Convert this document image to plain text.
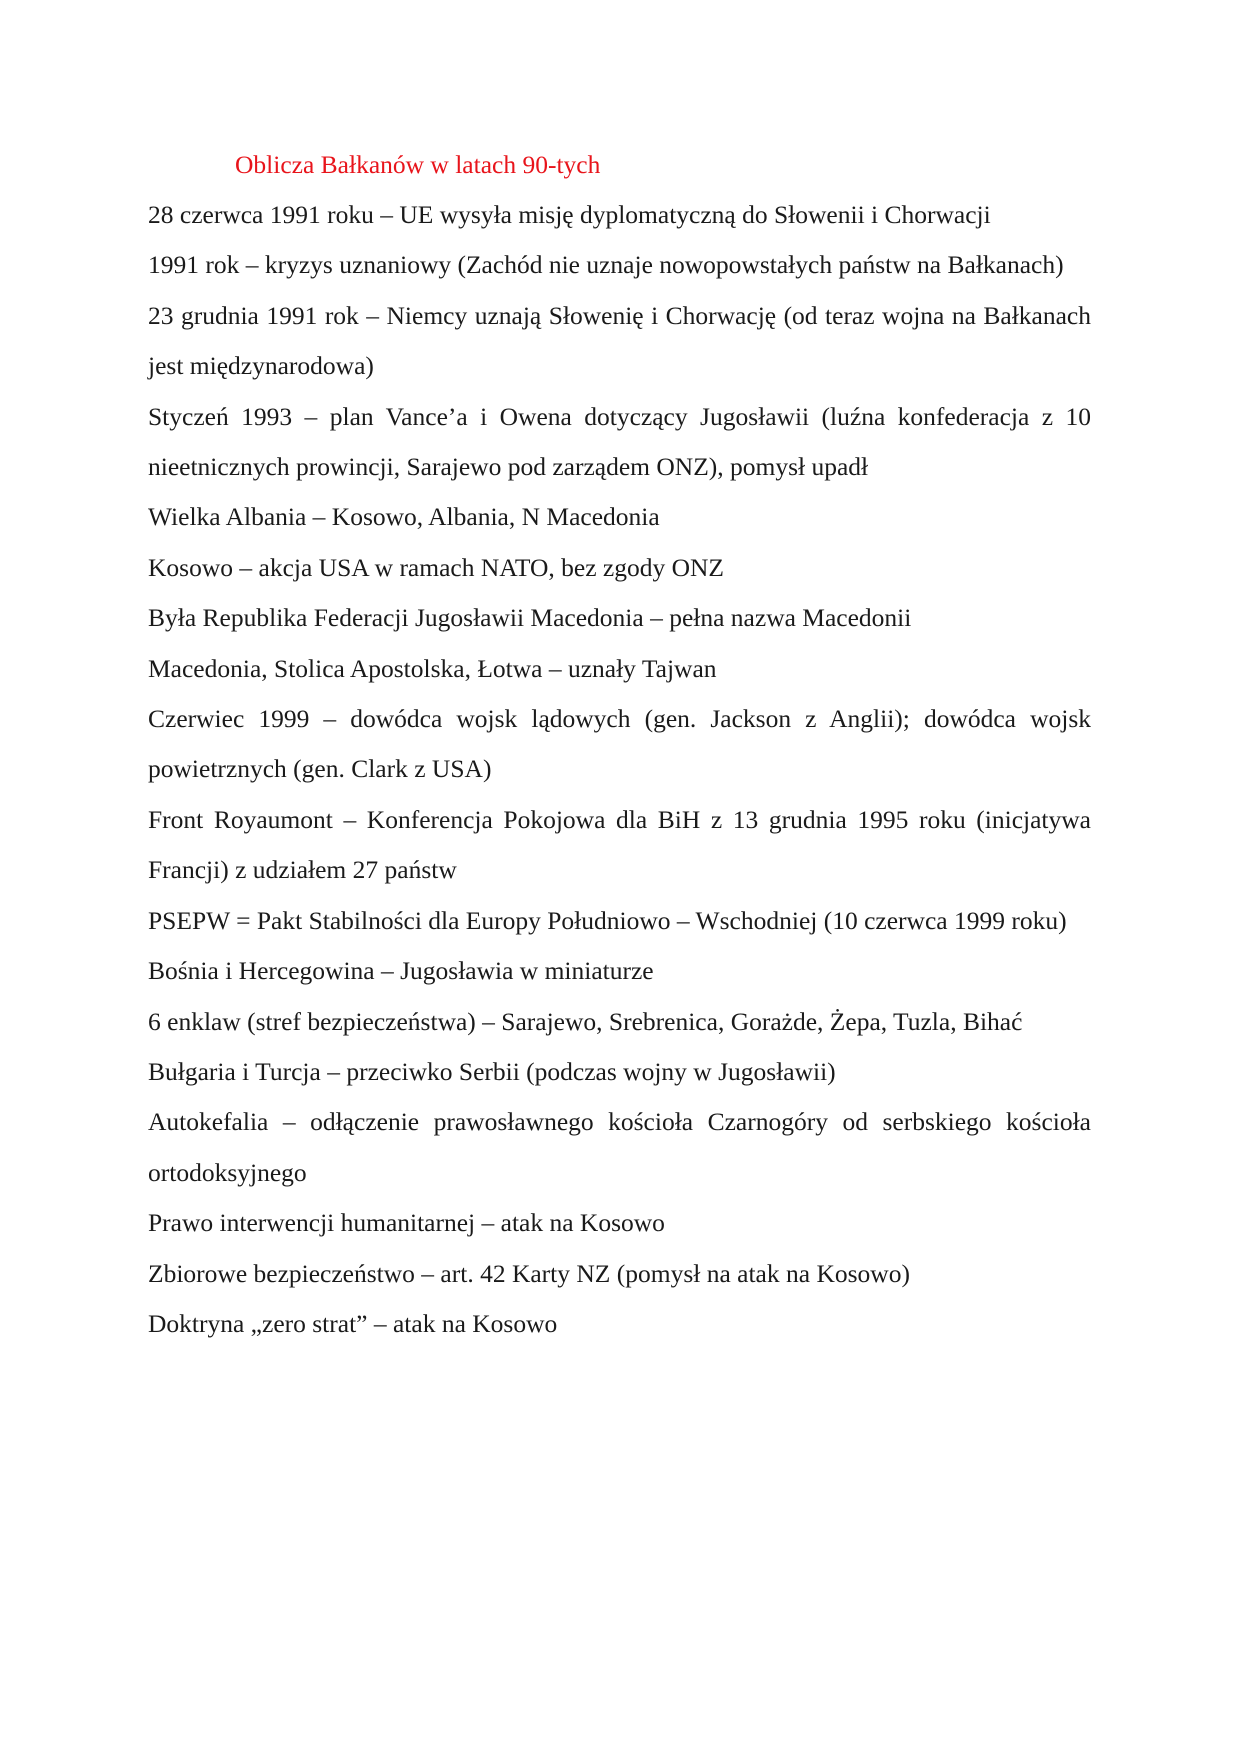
Oblicza Bałkanów w latach 90-tych

28 czerwca 1991 roku – UE wysyła misję dyplomatyczną do Słowenii i Chorwacji

1991 rok – kryzys uznaniowy (Zachód nie uznaje nowopowstałych państw na Bałkanach)

23 grudnia 1991 rok – Niemcy uznają Słowenię i Chorwację (od teraz wojna na Bałkanach jest międzynarodowa)

Styczeń 1993 – plan Vance’a i Owena dotyczący Jugosławii (luźna konfederacja z 10 nieetnicznych prowincji, Sarajewo pod zarządem ONZ), pomysł upadł

Wielka Albania – Kosowo, Albania, N Macedonia

Kosowo – akcja USA w ramach NATO, bez zgody ONZ

Była Republika Federacji Jugosławii Macedonia – pełna nazwa Macedonii

Macedonia, Stolica Apostolska, Łotwa – uznały Tajwan

Czerwiec 1999 – dowódca wojsk lądowych (gen. Jackson z Anglii); dowódca wojsk powietrznych (gen. Clark z USA)

Front Royaumont – Konferencja Pokojowa dla BiH z 13 grudnia 1995 roku (inicjatywa Francji) z udziałem 27 państw

PSEPW = Pakt Stabilności dla Europy Południowo – Wschodniej (10 czerwca 1999 roku)

Bośnia i Hercegowina – Jugosławia w miniaturze

6 enklaw (stref bezpieczeństwa) – Sarajewo, Srebrenica, Gorażde, Żepa, Tuzla, Bihać

Bułgaria i Turcja – przeciwko Serbii (podczas wojny w Jugosławii)

Autokefalia – odłączenie prawosławnego kościoła Czarnogóry od serbskiego kościoła ortodoksyjnego

Prawo interwencji humanitarnej – atak na Kosowo

Zbiorowe bezpieczeństwo – art. 42 Karty NZ (pomysł na atak na Kosowo)

Doktryna „zero strat” – atak na Kosowo
